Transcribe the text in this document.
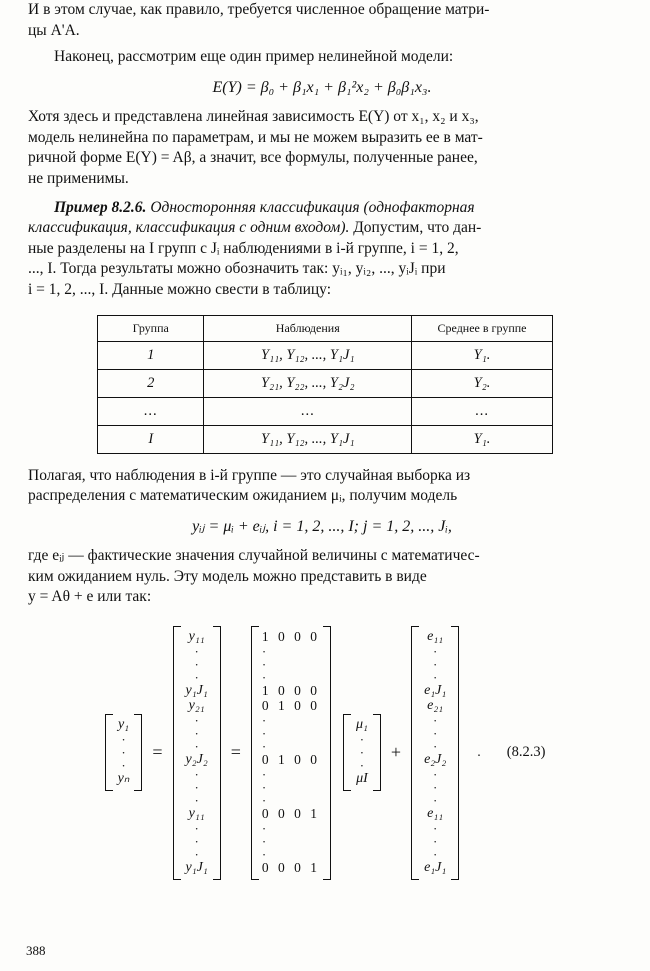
И в этом случае, как правило, требуется численное обращение матри-
цы A'A.
Наконец, рассмотрим еще один пример нелинейной модели:
E(Y) = β₀ + β₁x₁ + β₁²x₂ + β₀β₁x₃.
Хотя здесь и представлена линейная зависимость E(Y) от x₁, x₂ и x₃,
модель нелинейна по параметрам, и мы не можем выразить ее в мат-
ричной форме E(Y) = Aβ, а значит, все формулы, полученные ранее,
не применимы.
Пример 8.2.6. Односторонняя классификация (однофакторная
классификация, классификация с одним входом). Допустим, что дан-
ные разделены на I групп с Jᵢ наблюдениями в i-й группе, i = 1, 2,
..., I. Тогда результаты можно обозначить так: yᵢ₁, yᵢ₂, ..., yᵢJᵢ при
i = 1, 2, ..., I. Данные можно свести в таблицу:
Группа	Наблюдения	Среднее в группе
1	Y₁₁, Y₁₂, ..., Y₁J₁	Y₁.
2	Y₂₁, Y₂₂, ..., Y₂J₂	Y₂.
...	...	...
I	Y₁₁, Y₁₂, ..., Y₁J₁	Y₁.
Полагая, что наблюдения в i-й группе — это случайная выборка из
распределения с математическим ожиданием μᵢ, получим модель
yᵢⱼ = μᵢ + eᵢⱼ, i = 1, 2, ..., I; j = 1, 2, ..., Jᵢ,
где eᵢⱼ — фактические значения случайной величины с математичес-
ким ожиданием нуль. Эту модель можно представить в виде
y = Aθ + e или так:
y₁
·
·
·
yₙ
=
y₁₁
·
·
·
y₁J₁
y₂₁
·
·
·
y₂J₂
·
·
·
y₁₁
·
·
·
y₁J₁
=
1 0 0 0
·
·
·
1 0 0 0
0 1 0 0
·
·
·
0 1 0 0
·
·
·
0 0 0 1
·
·
·
0 0 0 1
μ₁
·
·
·
μI
+
e₁₁
·
·
·
e₁J₁
e₂₁
·
·
·
e₂J₂
·
·
·
e₁₁
·
·
·
e₁J₁
. (8.2.3)
388
